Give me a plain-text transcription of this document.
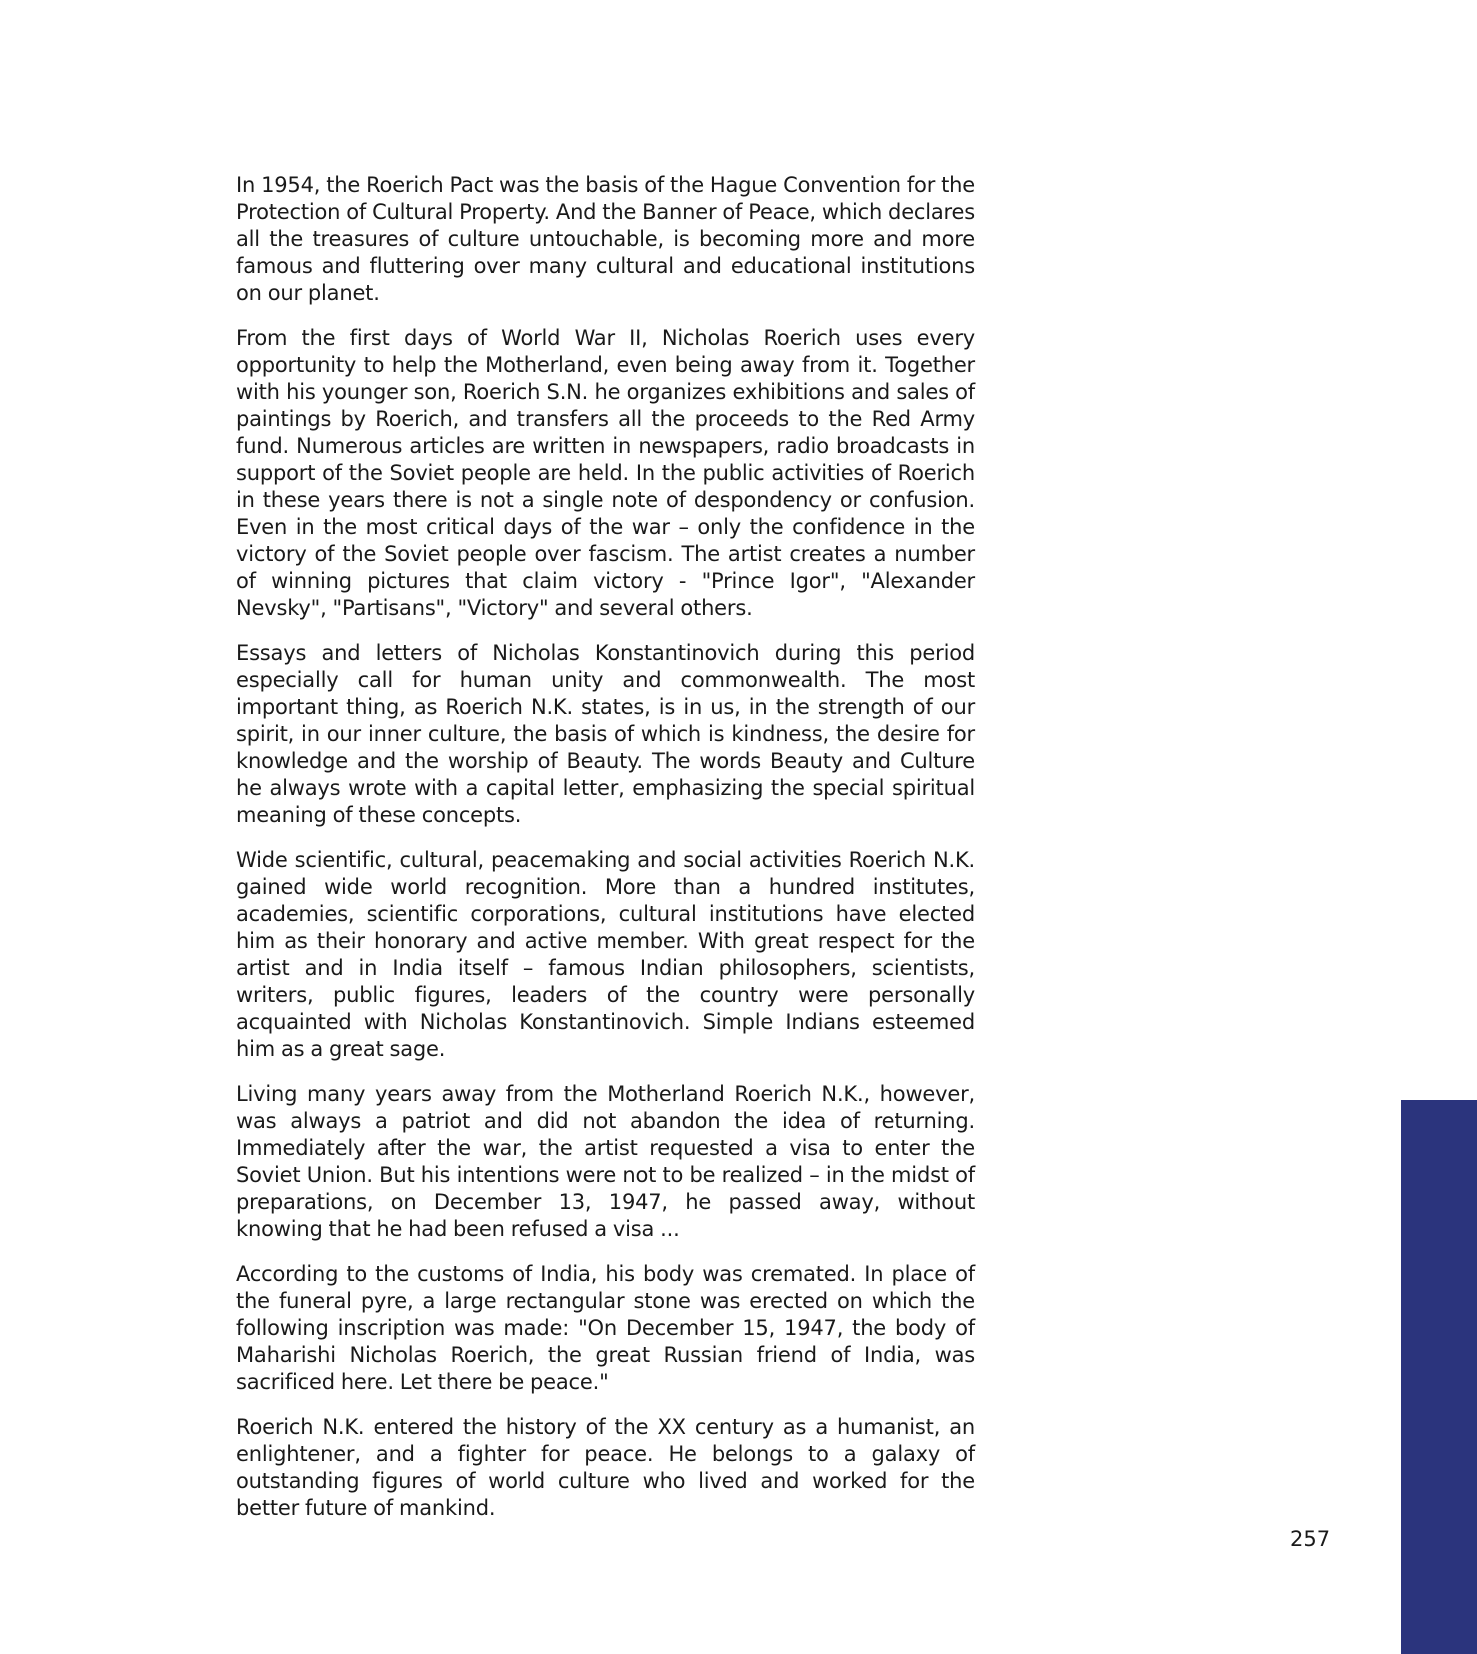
In 1954, the Roerich Pact was the basis of the Hague Convention for the Protection of Cultural Property. And the Banner of Peace, which declares all the treasures of culture untouchable, is becoming more and more famous and fluttering over many cultural and educational institutions on our planet.

From the first days of World War II, Nicholas Roerich uses every opportunity to help the Motherland, even being away from it. Together with his younger son, Roerich S.N. he organizes exhibitions and sales of paintings by Roerich, and transfers all the proceeds to the Red Army fund. Numerous articles are written in newspapers, radio broadcasts in support of the Soviet people are held. In the public activities of Roerich in these years there is not a single note of despondency or confusion. Even in the most critical days of the war – only the confidence in the victory of the Soviet people over fascism. The artist creates a number of winning pictures that claim victory - "Prince Igor", "Alexander Nevsky", "Partisans", "Victory" and several others.

Essays and letters of Nicholas Konstantinovich during this period especially call for human unity and commonwealth. The most important thing, as Roerich N.K. states, is in us, in the strength of our spirit, in our inner culture, the basis of which is kindness, the desire for knowledge and the worship of Beauty. The words Beauty and Culture he always wrote with a capital letter, emphasizing the special spiritual meaning of these concepts.

Wide scientific, cultural, peacemaking and social activities Roerich N.K. gained wide world recognition. More than a hundred institutes, academies, scientific corporations, cultural institutions have elected him as their honorary and active member. With great respect for the artist and in India itself – famous Indian philosophers, scientists, writers, public figures, leaders of the country were personally acquainted with Nicholas Konstantinovich. Simple Indians esteemed him as a great sage.

Living many years away from the Motherland Roerich N.K., however, was always a patriot and did not abandon the idea of returning. Immediately after the war, the artist requested a visa to enter the Soviet Union. But his intentions were not to be realized – in the midst of preparations, on December 13, 1947, he passed away, without knowing that he had been refused a visa ...

According to the customs of India, his body was cremated. In place of the funeral pyre, a large rectangular stone was erected on which the following inscription was made: "On December 15, 1947, the body of Maharishi Nicholas Roerich, the great Russian friend of India, was sacrificed here. Let there be peace."

Roerich N.K. entered the history of the XX century as a humanist, an enlightener, and a fighter for peace. He belongs to a galaxy of outstanding figures of world culture who lived and worked for the better future of mankind.

257
